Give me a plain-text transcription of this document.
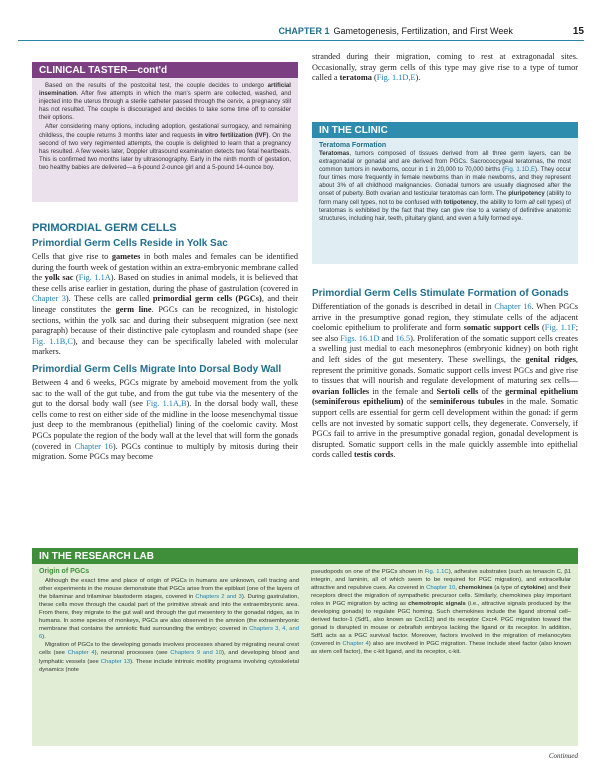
CHAPTER 1 Gametogenesis, Fertilization, and First Week	15
CLINICAL TASTER—cont'd

Based on the results of the postcoital test, the couple decides to undergo artificial insemination. After five attempts in which the man's sperm are collected, washed, and injected into the uterus through a sterile catheter passed through the cervix, a pregnancy still has not resulted. The couple is discouraged and decides to take some time off to consider their options.

After considering many options, including adoption, gestational surrogacy, and remaining childless, the couple returns 3 months later and requests in vitro fertilization (IVF). On the second of two very regimented attempts, the couple is delighted to learn that a pregnancy has resulted. A few weeks later, Doppler ultrasound examination detects two fetal heartbeats. This is confirmed two months later by ultrasonography. Early in the ninth month of gestation, two healthy babies are delivered—a 6-pound 2-ounce girl and a 5-pound 14-ounce boy.

PRIMORDIAL GERM CELLS
Primordial Germ Cells Reside in Yolk Sac

Cells that give rise to gametes in both males and females can be identified during the fourth week of gestation within an extra-embryonic membrane called the yolk sac (Fig. 1.1A). Based on studies in animal models, it is believed that these cells arise earlier in gestation, during the phase of gastrulation (covered in Chapter 3). These cells are called primordial germ cells (PGCs), and their lineage constitutes the germ line. PGCs can be recognized, in histologic sections, within the yolk sac and during their subsequent migration (see next paragraph) because of their distinctive pale cytoplasm and rounded shape (see Fig. 1.1B,C), and because they can be specifically labeled with molecular markers.

Primordial Germ Cells Migrate Into Dorsal Body Wall

Between 4 and 6 weeks, PGCs migrate by ameboid movement from the yolk sac to the wall of the gut tube, and from the gut tube via the mesentery of the gut to the dorsal body wall (see Fig. 1.1A,B). In the dorsal body wall, these cells come to rest on either side of the midline in the loose mesenchymal tissue just deep to the membranous (epithelial) lining of the coelomic cavity. Most PGCs populate the region of the body wall at the level that will form the gonads (covered in Chapter 16). PGCs continue to multiply by mitosis during their migration. Some PGCs may become

stranded during their migration, coming to rest at extragonadal sites. Occasionally, stray germ cells of this type may give rise to a type of tumor called a teratoma (Fig. 1.1D,E).

IN THE CLINIC
Teratoma Formation
Teratomas, tumors composed of tissues derived from all three germ layers, can be extragonadal or gonadal and are derived from PGCs. Sacrococcygeal teratomas, the most common tumors in newborns, occur in 1 in 20,000 to 70,000 births (Fig. 1.1D,E). They occur four times more frequently in female newborns than in male newborns, and they represent about 3% of all childhood malignancies. Gonadal tumors are usually diagnosed after the onset of puberty. Both ovarian and testicular teratomas can form. The pluripotency (ability to form many cell types, not to be confused with totipotency, the ability to form all cell types) of teratomas is exhibited by the fact that they can give rise to a variety of definitive anatomic structures, including hair, teeth, pituitary gland, and even a fully formed eye.
Primordial Germ Cells Stimulate Formation of Gonads

Differentiation of the gonads is described in detail in Chapter 16. When PGCs arrive in the presumptive gonad region, they stimulate cells of the adjacent coelomic epithelium to proliferate and form somatic support cells (Fig. 1.1F; see also Figs. 16.1D and 16.5). Proliferation of the somatic support cells creates a swelling just medial to each mesonephros (embryonic kidney) on both right and left sides of the gut mesentery. These swellings, the genital ridges, represent the primitive gonads. Somatic support cells invest PGCs and give rise to tissues that will nourish and regulate development of maturing sex cells—ovarian follicles in the female and Sertoli cells of the germinal epithelium (seminiferous epithelium) of the seminiferous tubules in the male. Somatic support cells are essential for germ cell development within the gonad: if germ cells are not invested by somatic support cells, they degenerate. Conversely, if PGCs fail to arrive in the presumptive gonadal region, gonadal development is disrupted. Somatic support cells in the male quickly assemble into epithelial cords called testis cords.

IN THE RESEARCH LAB
Origin of PGCs

Although the exact time and place of origin of PGCs in humans are unknown, cell tracing and other experiments in the mouse demonstrate that PGCs arise from the epiblast (one of the layers of the bilaminar and trilaminar blastoderm stages, covered in Chapters 2 and 3). During gastrulation, these cells move through the caudal part of the primitive streak and into the extraembryonic area. From there, they migrate to the gut wall and through the gut mesentery to the gonadal ridges, as in humans. In some species of monkeys, PGCs are also observed in the amnion (the extraembryonic membrane that contains the amniotic fluid surrounding the embryo; covered in Chapters 3, 4, and 6).

Migration of PGCs to the developing gonads involves processes shared by migrating neural crest cells (see Chapter 4), neuronal processes (see Chapters 9 and 10), and developing blood and lymphatic vessels (see Chapter 13). These include intrinsic motility programs involving cytoskeletal dynamics (note

pseudopods on one of the PGCs shown in Fig. 1.1C), adhesive substrates (such as tenascin C, β1 integrin, and laminin, all of which seem to be required for PGC migration), and extracellular attractive and repulsive cues. As covered in Chapter 10, chemokines (a type of cytokine) and their receptors direct the migration of sympathetic precursor cells. Similarly, chemokines play important roles in PGC migration by acting as chemotropic signals (i.e., attractive signals produced by the developing gonads) to regulate PGC homing. Such chemokines include the ligand stromal cell–derived factor-1 (Sdf1, also known as Cxcl12) and its receptor Cxcr4. PGC migration toward the gonad is disrupted in mouse or zebrafish embryos lacking the ligand or its receptor. In addition, Sdf1 acts as a PGC survival factor. Moreover, factors involved in the migration of melanocytes (covered in Chapter 4) also are involved in PGC migration. These include steel factor (also known as stem cell factor), the c-kit ligand, and its receptor, c-kit.

Continued
